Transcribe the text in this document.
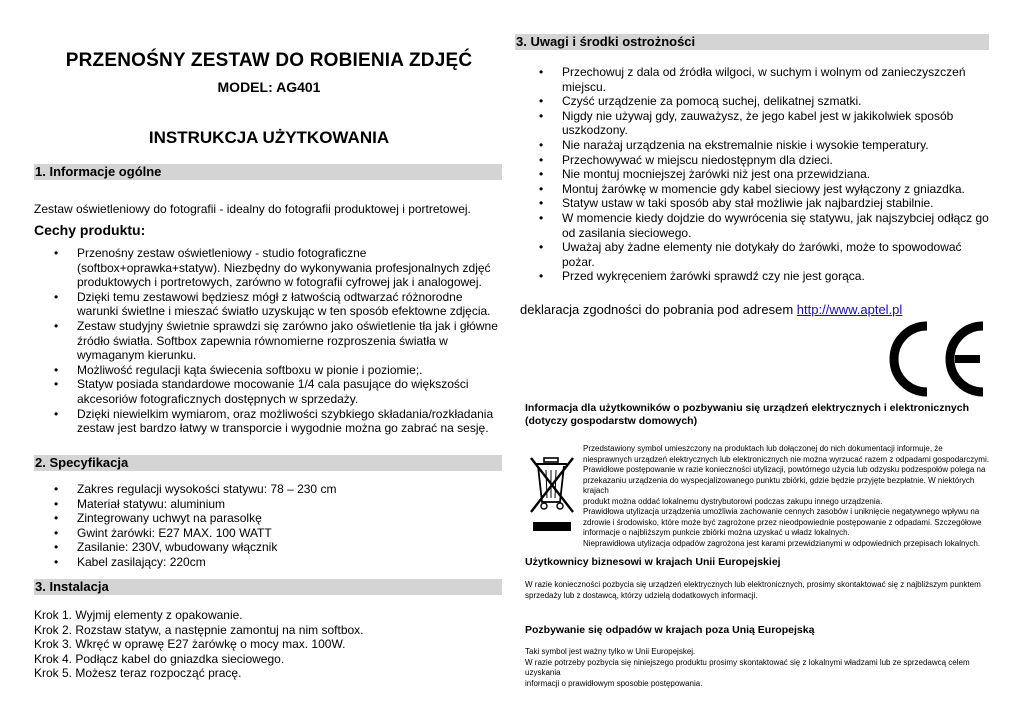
PRZENOŚNY ZESTAW DO ROBIENIA ZDJĘĆ
MODEL: AG401
INSTRUKCJA UŻYTKOWANIA
1. Informacje ogólne

Zestaw oświetleniowy do fotografii - idealny do fotografii produktowej i portretowej.

Cechy produktu:
• Przenośny zestaw oświetleniowy - studio fotograficzne (softbox+oprawka+statyw). Niezbędny do wykonywania profesjonalnych zdjęć produktowych i portretowych, zarówno w fotografii cyfrowej jak i analogowej.
• Dzięki temu zestawowi będziesz mógł z łatwością odtwarzać różnorodne warunki świetlne i mieszać światło uzyskując w ten sposób efektowne zdjęcia.
• Zestaw studyjny świetnie sprawdzi się zarówno jako oświetlenie tła jak i główne źródło światła. Softbox zapewnia równomierne rozproszenia światła w wymaganym kierunku.
• Możliwość regulacji kąta świecenia softboxu w pionie i poziomie;.
• Statyw posiada standardowe mocowanie 1/4 cala pasujące do większości akcesoriów fotograficznych dostępnych w sprzedaży.
• Dzięki niewielkim wymiarom, oraz możliwości szybkiego składania/rozkładania zestaw jest bardzo łatwy w transporcie i wygodnie można go zabrać na sesję.
2. Specyfikacja
• Zakres regulacji wysokości statywu: 78 – 230 cm
• Materiał statywu: aluminium
• Zintegrowany uchwyt na parasolkę
• Gwint żarówki: E27 MAX. 100 WATT
• Zasilanie: 230V, wbudowany włącznik
• Kabel zasilający: 220cm
3. Instalacja
Krok 1. Wyjmij elementy z opakowanie.
Krok 2. Rozstaw statyw, a następnie zamontuj na nim softbox.
Krok 3. Wkręć w oprawę E27 żarówkę o mocy max. 100W.
Krok 4. Podłącz kabel do gniazdka sieciowego.
Krok 5. Możesz teraz rozpocząć pracę.
3. Uwagi i środki ostrożności
• Przechowuj z dala od źródła wilgoci, w suchym i wolnym od zanieczyszczeń miejscu.
• Czyść urządzenie za pomocą suchej, delikatnej szmatki.
• Nigdy nie używaj gdy, zauważysz, że jego kabel jest w jakikolwiek sposób uszkodzony.
• Nie narażaj urządzenia na ekstremalnie niskie i wysokie temperatury.
• Przechowywać w miejscu niedostępnym dla dzieci.
• Nie montuj mocniejszej żarówki niż jest ona przewidziana.
• Montuj żarówkę w momencie gdy kabel sieciowy jest wyłączony z gniazdka.
• Statyw ustaw w taki sposób aby stał możliwie jak najbardziej stabilnie.
• W momencie kiedy dojdzie do wywrócenia się statywu, jak najszybciej odłącz go od zasilania sieciowego.
• Uważaj aby żadne elementy nie dotykały do żarówki, może to spowodować pożar.
• Przed wykręceniem żarówki sprawdź czy nie jest gorąca.

deklaracja zgodności do pobrania pod adresem http://www.aptel.pl

Informacja dla użytkowników o pozbywaniu się urządzeń elektrycznych i elektronicznych

(dotyczy gospodarstw domowych)

Przedstawiony symbol umieszczony na produktach lub dołączonej do nich dokumentacji informuje, że
niesprawnych urządzeń elektrycznych lub elektronicznych nie można wyrzucać razem z odpadami gospodarczymi.
Prawidłowe postępowanie w razie konieczności utylizacji, powtórnego użycia lub odzysku podzespołów polega na
przekazaniu urządzenia do wyspecjalizowanego punktu zbiórki, gdzie będzie przyjęte bezpłatnie. W niektórych krajach
produkt można oddać lokalnemu dystrybutorowi podczas zakupu innego urządzenia.
Prawidłowa utylizacja urządzenia umożliwia zachowanie cennych zasobów i uniknięcie negatywnego wpływu na
zdrowie i środowisko, które może być zagrożone przez nieodpowiednie postępowanie z odpadami. Szczegółowe
informacje o najbliższym punkcie zbiórki można uzyskać u władz lokalnych.
Nieprawidłowa utylizacja odpadów zagrożona jest karami przewidzianymi w odpowiednich przepisach lokalnych.

Użytkownicy biznesowi w krajach Unii Europejskiej

W razie konieczności pozbycia się urządzeń elektrycznych lub elektronicznych, prosimy skontaktować się z najbliższym punktem
sprzedaży lub z dostawcą, którzy udzielą dodatkowych informacji.

Pozbywanie się odpadów w krajach poza Unią Europejską

Taki symbol jest ważny tylko w Unii Europejskej.
W razie potrzeby pozbycia się niniejszego produktu prosimy skontaktować się z lokalnymi władzami lub ze sprzedawcą celem uzyskania
informacji o prawidłowym sposobie postępowania.
